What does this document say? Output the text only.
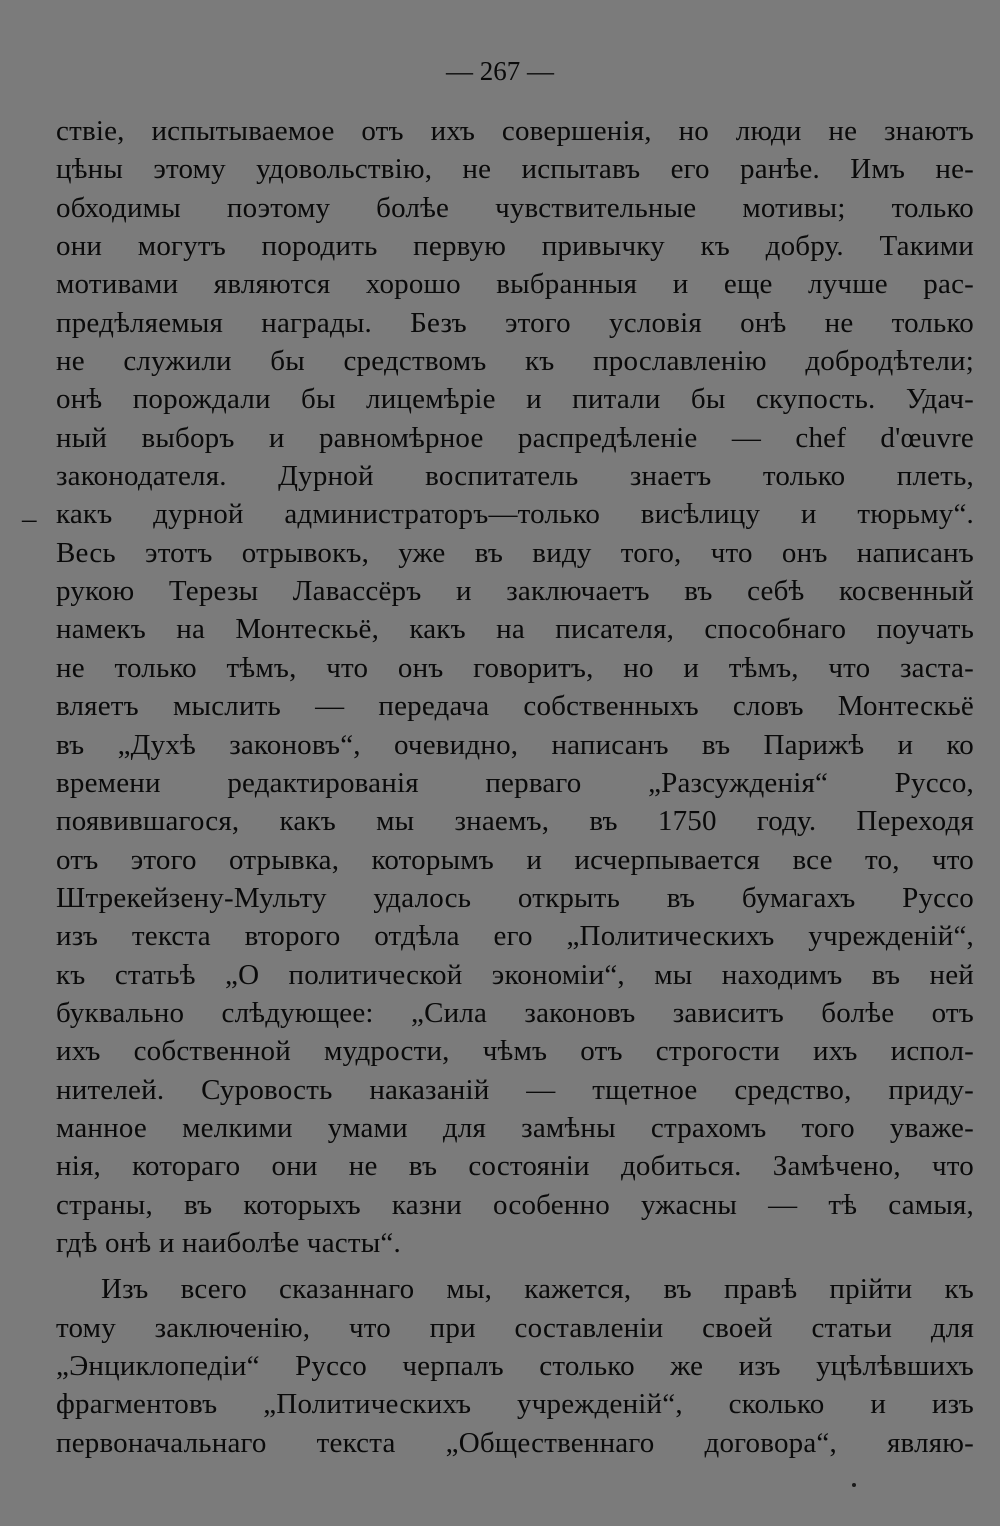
— 267 —
–
ствіе, испытываемое отъ ихъ совершенія, но люди не знаютъ
цѣны этому удовольствію, не испытавъ его ранѣе. Имъ не-
обходимы поэтому болѣе чувствительные мотивы; только
они могутъ породить первую привычку къ добру. Такими
мотивами являются хорошо выбранныя и еще лучше рас-
предѣляемыя награды. Безъ этого условія онѣ не только
не служили бы средствомъ къ прославленію добродѣтели;
онѣ порождали бы лицемѣріе и питали бы скупость. Удач-
ный выборъ и равномѣрное распредѣленіе — chef d'œuvre
законодателя. Дурной воспитатель знаетъ только плеть,
какъ дурной администраторъ—только висѣлицу и тюрьму“.
Весь этотъ отрывокъ, уже въ виду того, что онъ написанъ
рукою Терезы Лавассёръ и заключаетъ въ себѣ косвенный
намекъ на Монтескьё, какъ на писателя, способнаго поучать
не только тѣмъ, что онъ говоритъ, но и тѣмъ, что заста-
вляетъ мыслить — передача собственныхъ словъ Монтескьё
въ „Духѣ законовъ“, очевидно, написанъ въ Парижѣ и ко
времени редактированія перваго „Разсужденія“ Руссо,
появившагося, какъ мы знаемъ, въ 1750 году. Переходя
отъ этого отрывка, которымъ и исчерпывается все то, что
Штрекейзену-Мульту удалось открыть въ бумагахъ Руссо
изъ текста второго отдѣла его „Политическихъ учрежденій“,
къ статьѣ „О политической экономіи“, мы находимъ въ ней
буквально слѣдующее: „Сила законовъ зависитъ болѣе отъ
ихъ собственной мудрости, чѣмъ отъ строгости ихъ испол-
нителей. Суровость наказаній — тщетное средство, приду-
манное мелкими умами для замѣны страхомъ того уваже-
нія, котораго они не въ состояніи добиться. Замѣчено, что
страны, въ которыхъ казни особенно ужасны — тѣ самыя,
гдѣ онѣ и наиболѣе часты“.
Изъ всего сказаннаго мы, кажется, въ правѣ прійти къ
тому заключенію, что при составленіи своей статьи для
„Энциклопедіи“ Руссо черпалъ столько же изъ уцѣлѣвшихъ
фрагментовъ „Политическихъ учрежденій“, сколько и изъ
первоначальнаго текста „Общественнаго договора“, являю-
